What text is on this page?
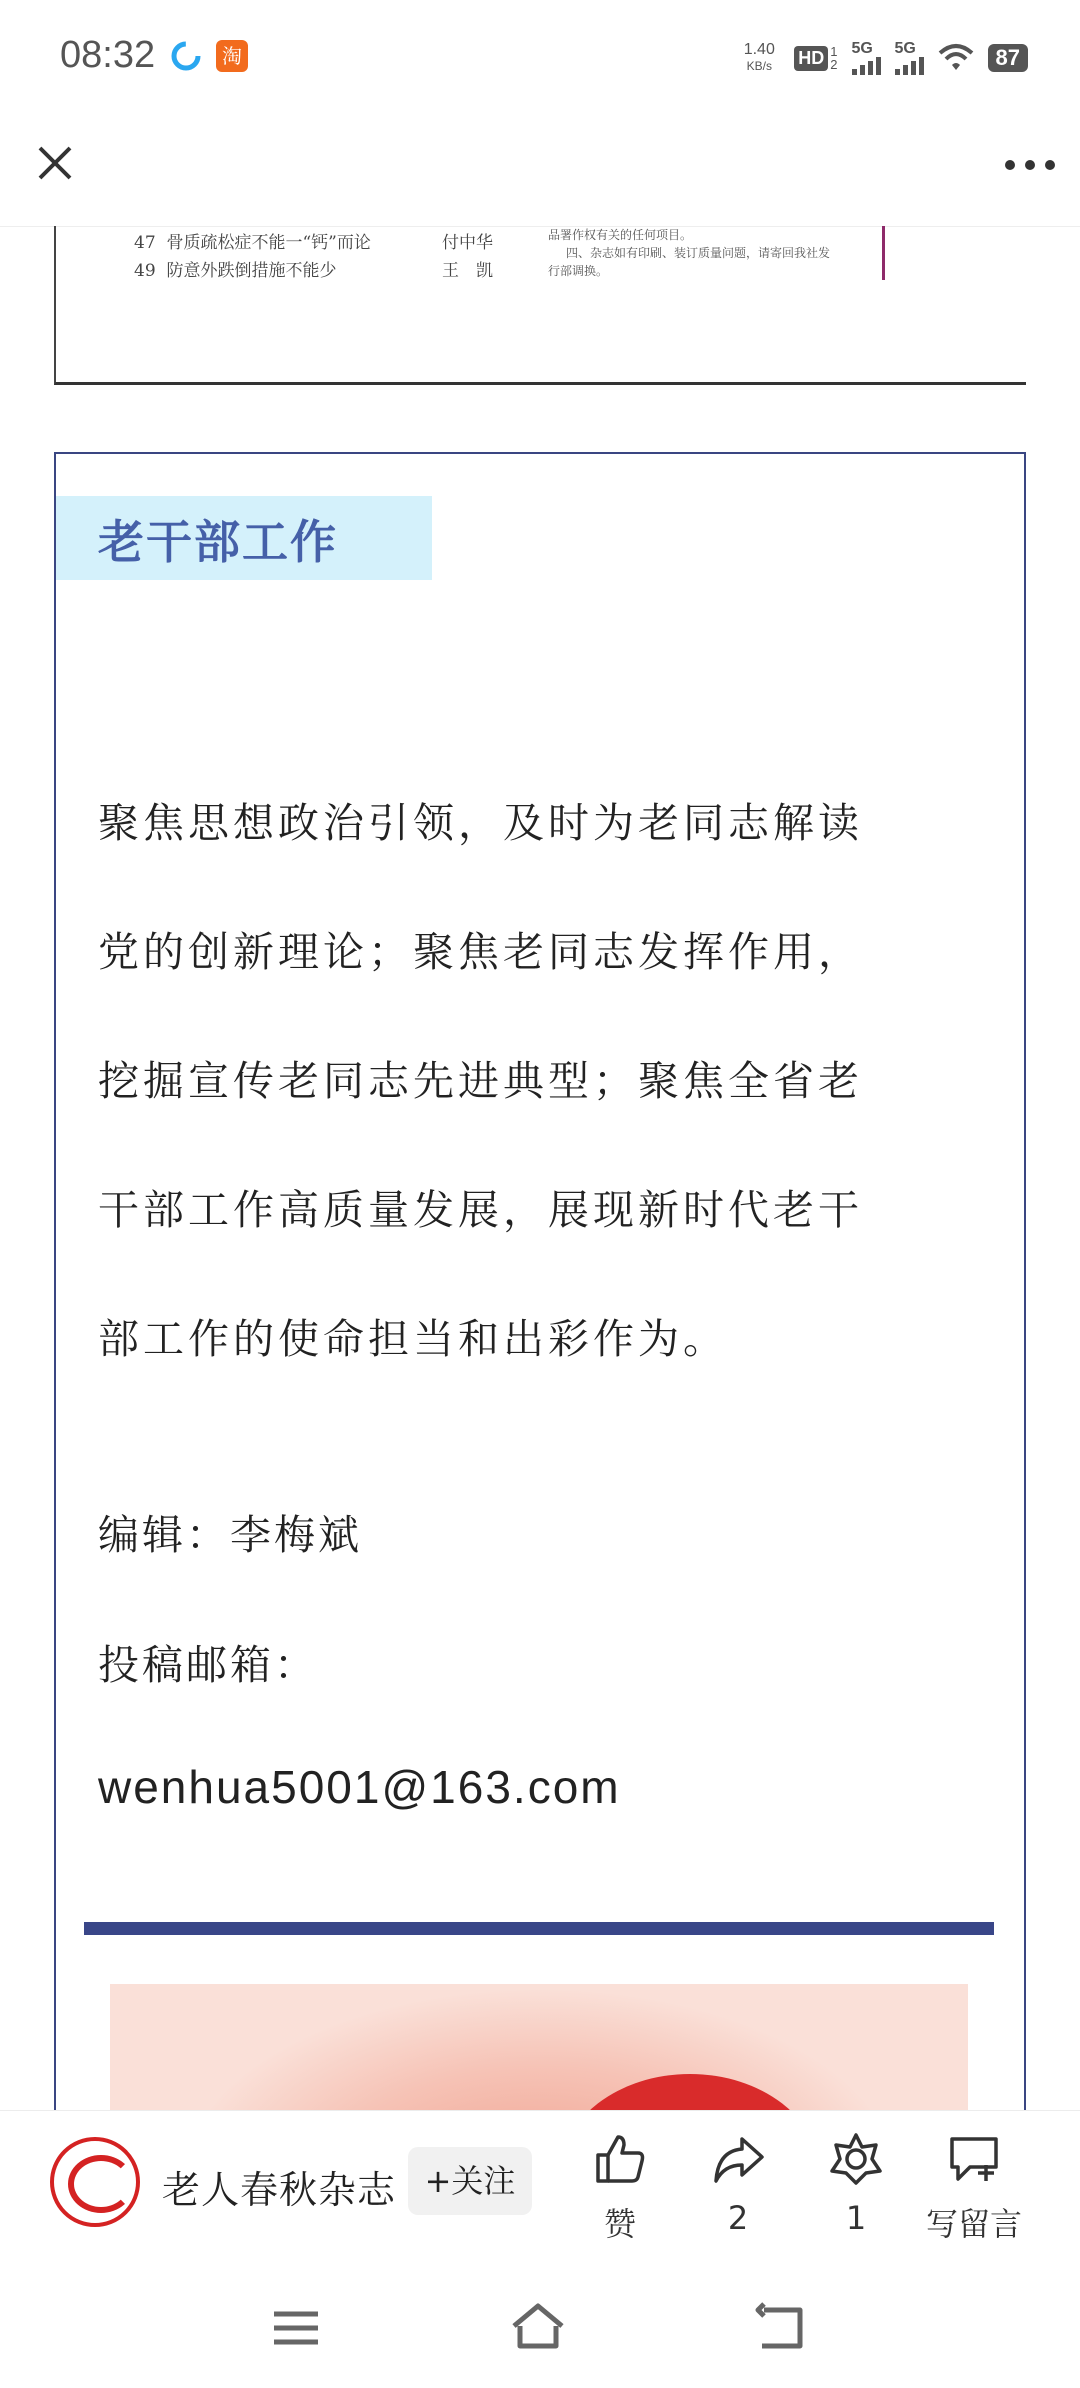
08:32	淘	1.40
KB/s	HD 1
2
5G 5G	87
47 骨质疏松症不能一“钙”而论	付中华
49 防意外跌倒措施不能少	王　凯
品署作权有关的任何项目。
四、杂志如有印刷、装订质量问题，请寄回我社发
行部调换。
老干部工作

聚焦思想政治引领，及时为老同志解读
党的创新理论；聚焦老同志发挥作用，
挖掘宣传老同志先进典型；聚焦全省老
干部工作高质量发展，展现新时代老干
部工作的使命担当和出彩作为。

编辑：李梅斌
投稿邮箱：
wenhua5001@163.com
老人春秋杂志 +关注
赞	2	1	写留言
